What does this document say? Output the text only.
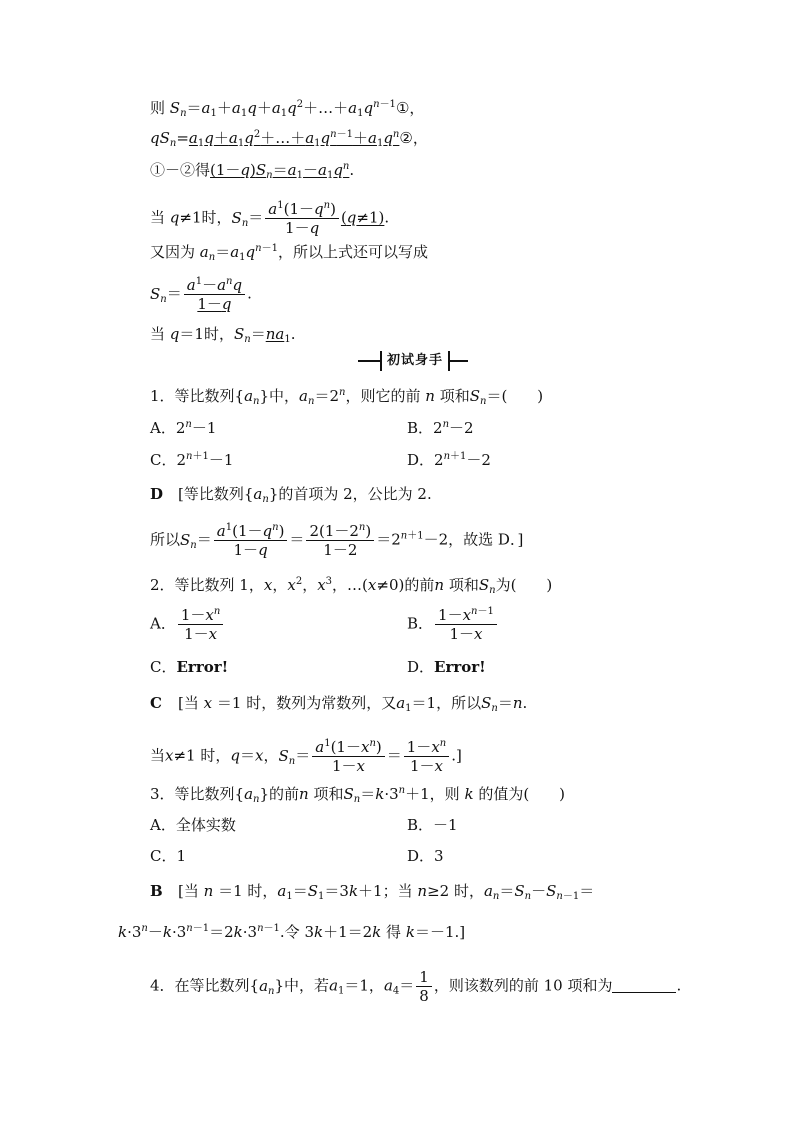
则 $S_n=a_1+a_1q+a_1q^2+\dots+a_1q^{n-1}①$，
$qS_n=a_1q+a_1q^2+\dots+a_1q^{n-1}+a_1q^n②$，
①－②得$(1-q)S_n=a_1-a_1q^n$.
当 q≠1时，$S_n= \frac{a^1(1-q^n)}{1-q} (q\ne 1)$.
又因为 $a_n=a_1q^{n-1}$，所以上式还可以写成
$S_n= \frac{a^1-a^nq}{1-q}$ .
当 q＝1时，$S_n=na_1$.
初试身手
1．等比数列$\{a_n\}$中，$a_n=2^n$，则它的前 n 项和$S_n=$(　　)
A．$2^n-1$	B．$2^n-2$
C．$2^{n+1}-1$	D．$2^{n+1}-2$
D [等比数列$\{a_n\}$的首项为 2，公比为 2.
所以$S_n= \frac{a^1(1-q^n)}{1-q} = \frac{2(1-2^n)}{1-2} =2^{n+1}-2$，故选 D．]
2．等比数列 1，x，$x^2$，$x^3$，…(x≠0)的前n 项和$S_n$为(　　)
A． $\frac{1-x^n}{1-x}$	B． $\frac{1-x^{n-1}}{1-x}$
C．Error!	D．Error!
C [当 x ＝1 时，数列为常数列，又$a_1=1$，所以$S_n=n$.
当x≠1 时，q＝x，$S_n= \frac{a^1(1-x^n)}{1-x} = \frac{1-x^n}{1-x}$ .]
3．等比数列$\{a_n\}$的前n 项和$S_n=k\cdot 3^n+1$，则 k 的值为(　　)
A．全体实数	B．－1
C．1	D．3
B [当 n ＝1 时，$a_1=S_1=3k+1$；当 n≥2 时，$a_n=S_n-S_{n-1}=$
$k\cdot 3^n-k\cdot 3^{n-1}=2k\cdot 3^{n-1}$.令 3k＋1＝2k 得 k＝－1.]
4．在等比数列$\{a_n\}$中，若$a_1=1$，$a_4= \frac{1}{8}$ ，则该数列的前 10 项和为	.
